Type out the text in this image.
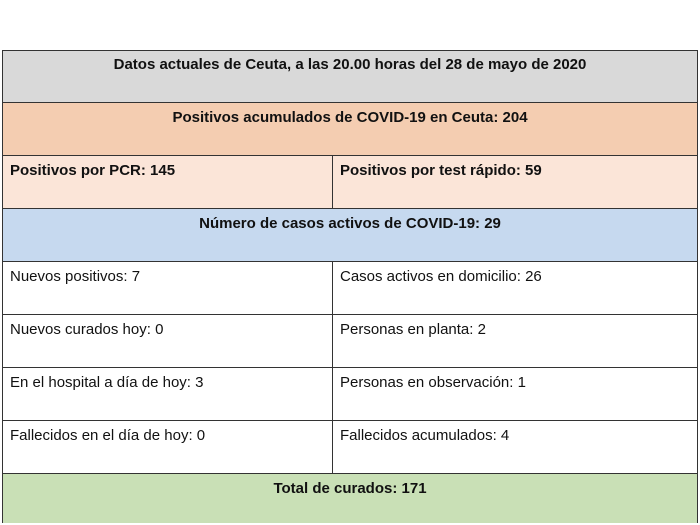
Datos actuales de Ceuta, a las 20.00 horas del 28 de mayo de 2020	
Positivos acumulados de COVID-19 en Ceuta: 204	
Positivos por PCR: 145	Positivos por test rápido: 59
Número de casos activos de COVID-19: 29	
Nuevos positivos: 7	Casos activos en domicilio: 26
Nuevos curados hoy: 0	Personas en planta: 2
En el hospital a día de hoy: 3	Personas en observación: 1
Fallecidos en el día de hoy: 0	Fallecidos acumulados: 4
Total de curados: 171	
